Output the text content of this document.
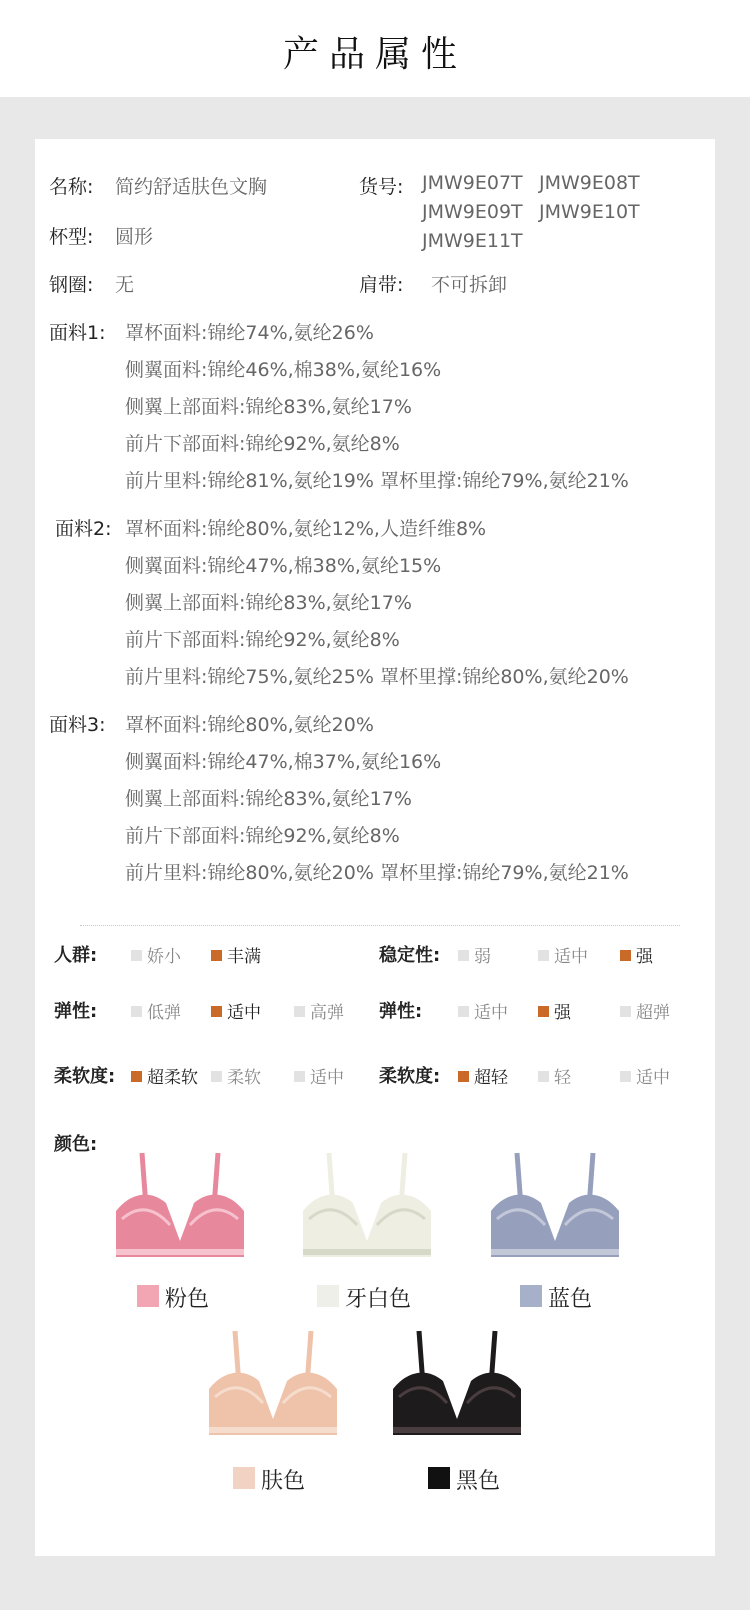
产品属性
名称: 简约舒适肤色文胸	货号: JMW9E07T JMW9E08T
JMW9E09T JMW9E10T
JMW9E11T
杯型: 圆形
钢圈: 无	肩带: 不可拆卸
面料1: 罩杯面料:锦纶74%,氨纶26%
侧翼面料:锦纶46%,棉38%,氨纶16%
侧翼上部面料:锦纶83%,氨纶17%
前片下部面料:锦纶92%,氨纶8%
前片里料:锦纶81%,氨纶19% 罩杯里撑:锦纶79%,氨纶21%
面料2: 罩杯面料:锦纶80%,氨纶12%,人造纤维8%
侧翼面料:锦纶47%,棉38%,氨纶15%
侧翼上部面料:锦纶83%,氨纶17%
前片下部面料:锦纶92%,氨纶8%
前片里料:锦纶75%,氨纶25% 罩杯里撑:锦纶80%,氨纶20%
面料3: 罩杯面料:锦纶80%,氨纶20%
侧翼面料:锦纶47%,棉37%,氨纶16%
侧翼上部面料:锦纶83%,氨纶17%
前片下部面料:锦纶92%,氨纶8%
前片里料:锦纶80%,氨纶20% 罩杯里撑:锦纶79%,氨纶21%
人群:	娇小	丰满	稳定性:	弱	适中	强
弹性:	低弹	适中	高弹 弹性:	适中	强	超弹
柔软度:	超柔软	柔软	适中 柔软度:	超轻	轻	适中
颜色:
粉色	牙白色	蓝色
肤色	黑色
